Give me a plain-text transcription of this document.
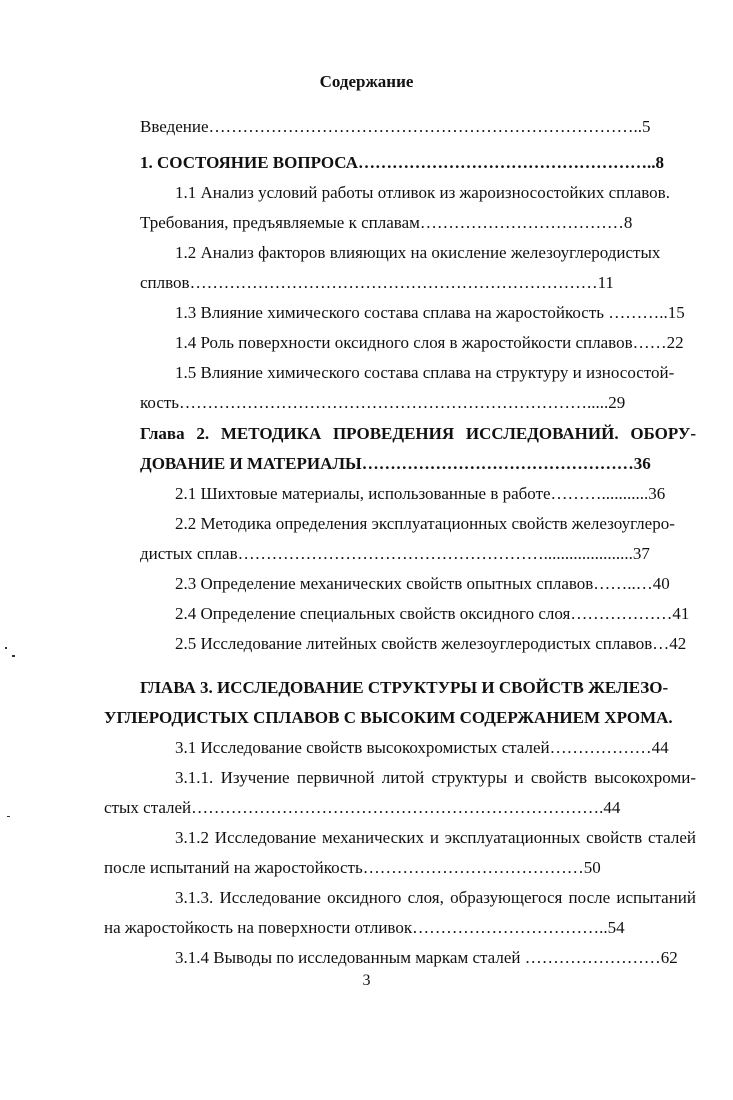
Содержание
Введение…………………………………………………………………..5
1. СОСТОЯНИЕ ВОПРОСА……………………………………………..8
1.1 Анализ условий работы отливок из жароизносостойких сплавов.
Требования, предъявляемые к сплавам………………………………8
1.2 Анализ факторов влияющих на окисление железоуглеродистых
сплвов………………………………………………………………11
1.3 Влияние химического состава сплава на жаростойкость ………..15
1.4 Роль поверхности оксидного слоя в жаростойкости сплавов……22
1.5 Влияние химического состава сплава на структуру и износостой-
кость……………………………………………………………….....29
Глава 2. МЕТОДИКА ПРОВЕДЕНИЯ ИССЛЕДОВАНИЙ. ОБОРУ-
ДОВАНИЕ И МАТЕРИАЛЫ…………………………………………36
2.1 Шихтовые материалы, использованные в работе………...........36
2.2 Методика определения эксплуатационных свойств железоуглеро-
дистых сплав……………………………………………….....................37
2.3 Определение механических свойств опытных сплавов……..…40
2.4 Определение специальных свойств оксидного слоя………………41
2.5 Исследование литейных свойств железоуглеродистых сплавов…42
ГЛАВА 3. ИССЛЕДОВАНИЕ СТРУКТУРЫ И СВОЙСТВ ЖЕЛЕЗО-
УГЛЕРОДИСТЫХ СПЛАВОВ С ВЫСОКИМ СОДЕРЖАНИЕМ ХРОМА.
3.1 Исследование свойств высокохромистых сталей………………44
3.1.1. Изучение первичной литой структуры и свойств высокохроми-
стых сталей……………………………………………………………….44
3.1.2 Исследование механических и эксплуатационных свойств сталей
после испытаний на жаростойкость…………………………………50
3.1.3. Исследование оксидного слоя, образующегося после испытаний
на жаростойкость на поверхности отливок……………………………..54
3.1.4 Выводы по исследованным маркам сталей ……………………62
3
